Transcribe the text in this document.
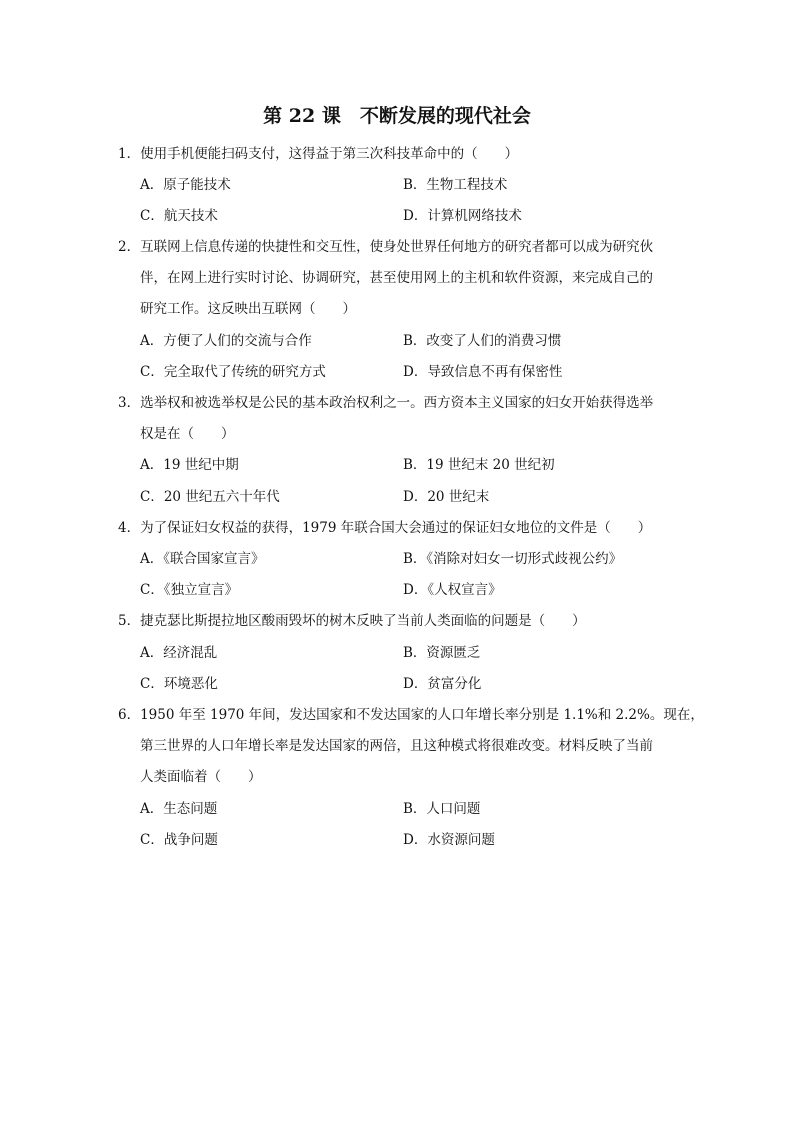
第 22 课　不断发展的现代社会
1．使用手机便能扫码支付，这得益于第三次科技革命中的（　　）
A．原子能技术	B．生物工程技术
C．航天技术	D．计算机网络技术
2．互联网上信息传递的快捷性和交互性，使身处世界任何地方的研究者都可以成为研究伙
伴，在网上进行实时讨论、协调研究，甚至使用网上的主机和软件资源，来完成自己的
研究工作。这反映出互联网（　　）
A．方便了人们的交流与合作	B．改变了人们的消费习惯
C．完全取代了传统的研究方式	D．导致信息不再有保密性
3．选举权和被选举权是公民的基本政治权利之一。西方资本主义国家的妇女开始获得选举
权是在（　　）
A．19 世纪中期	B．19 世纪末 20 世纪初
C．20 世纪五六十年代	D．20 世纪末
4．为了保证妇女权益的获得，1979 年联合国大会通过的保证妇女地位的文件是（　　）
A．《联合国家宣言》	B．《消除对妇女一切形式歧视公约》
C．《独立宣言》	D．《人权宣言》
5．捷克瑟比斯提拉地区酸雨毁坏的树木反映了当前人类面临的问题是（　　）
A．经济混乱	B．资源匮乏
C．环境恶化	D．贫富分化
6．1950 年至 1970 年间，发达国家和不发达国家的人口年增长率分别是 1.1%和 2.2%。现在，
第三世界的人口年增长率是发达国家的两倍，且这种模式将很难改变。材料反映了当前
人类面临着（　　）
A．生态问题	B．人口问题
C．战争问题	D．水资源问题
